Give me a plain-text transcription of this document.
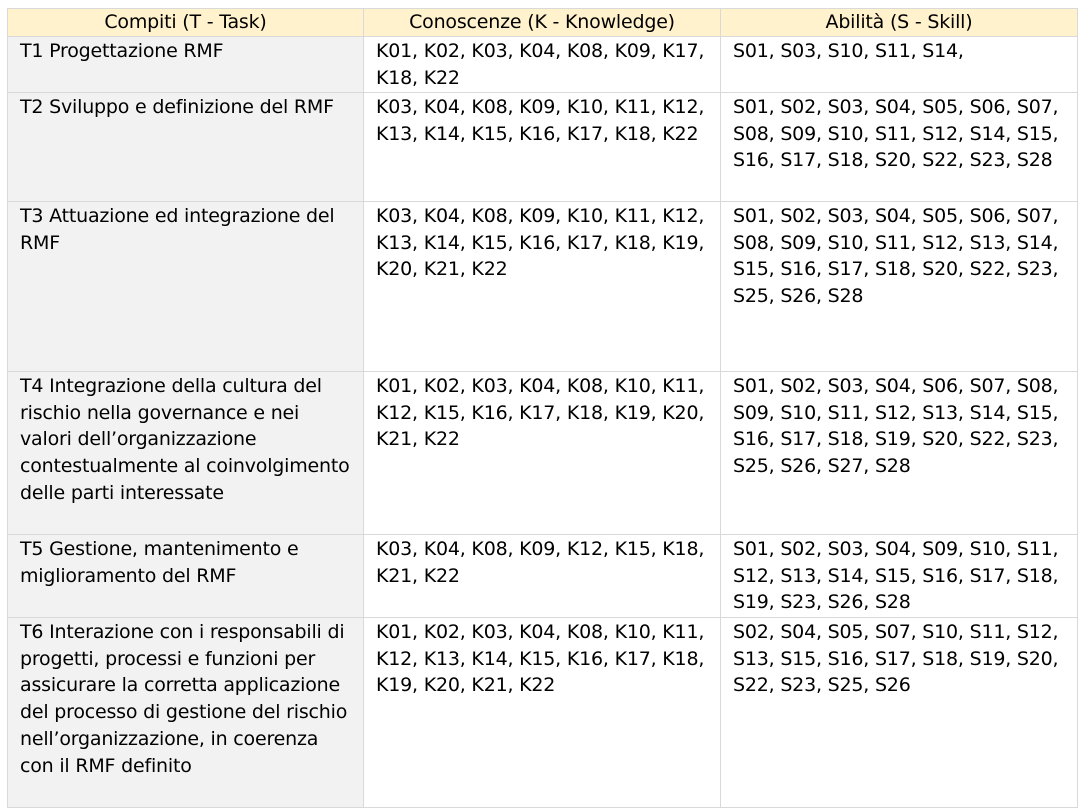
Compiti (T - Task)	Conoscenze (K - Knowledge)	Abilità (S - Skill)
T1 Progettazione RMF	K01, K02, K03, K04, K08, K09, K17, K18, K22	S01, S03, S10, S11, S14,
T2 Sviluppo e definizione del RMF	K03, K04, K08, K09, K10, K11, K12, K13, K14, K15, K16, K17, K18, K22	S01, S02, S03, S04, S05, S06, S07, S08, S09, S10, S11, S12, S14, S15, S16, S17, S18, S20, S22, S23, S28
T3 Attuazione ed integrazione del RMF	K03, K04, K08, K09, K10, K11, K12, K13, K14, K15, K16, K17, K18, K19, K20, K21, K22	S01, S02, S03, S04, S05, S06, S07, S08, S09, S10, S11, S12, S13, S14, S15, S16, S17, S18, S20, S22, S23, S25, S26, S28
T4 Integrazione della cultura del rischio nella governance e nei valori dell’organizzazione contestualmente al coinvolgimento delle parti interessate	K01, K02, K03, K04, K08, K10, K11, K12, K15, K16, K17, K18, K19, K20, K21, K22	S01, S02, S03, S04, S06, S07, S08, S09, S10, S11, S12, S13, S14, S15, S16, S17, S18, S19, S20, S22, S23, S25, S26, S27, S28
T5 Gestione, mantenimento e miglioramento del RMF	K03, K04, K08, K09, K12, K15, K18, K21, K22	S01, S02, S03, S04, S09, S10, S11, S12, S13, S14, S15, S16, S17, S18, S19, S23, S26, S28
T6 Interazione con i responsabili di progetti, processi e funzioni per assicurare la corretta applicazione del processo di gestione del rischio nell’organizzazione, in coerenza con il RMF definito	K01, K02, K03, K04, K08, K10, K11, K12, K13, K14, K15, K16, K17, K18, K19, K20, K21, K22	S02, S04, S05, S07, S10, S11, S12, S13, S15, S16, S17, S18, S19, S20, S22, S23, S25, S26
